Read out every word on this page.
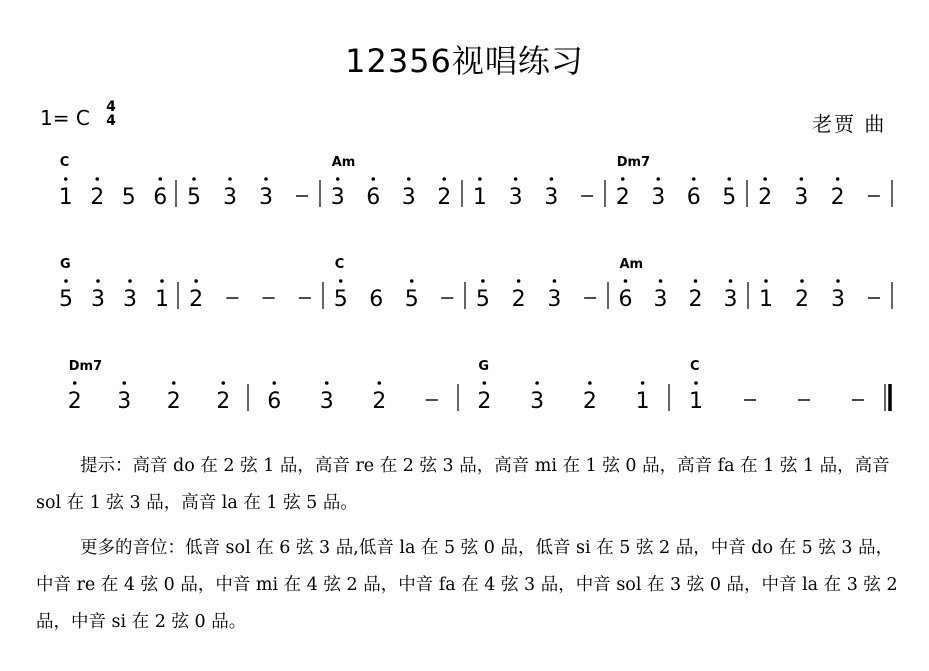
12356视唱练习
1= C 4
4	老贾 曲
C
1 2 5 6 5 3 3
Am
3 6 3 2 1 3 3
Dm7
2 3 6 5 2 3 2
G
5 3 3 1 2
C
5 6 5	5 2 3
Am
6 3 2 3 1 2 3
Dm7
2 3 2 2 6 3 2
G
2 3 2 1
C
1

提示：高音 do 在 2 弦 1 品，高音 re 在 2 弦 3 品，高音 mi 在 1 弦 0 品，高音 fa 在 1 弦 1 品，高音 sol 在 1 弦 3 品，高音 la 在 1 弦 5 品。

更多的音位：低音 sol 在 6 弦 3 品,低音 la 在 5 弦 0 品，低音 si 在 5 弦 2 品，中音 do 在 5 弦 3 品，中音 re 在 4 弦 0 品，中音 mi 在 4 弦 2 品，中音 fa 在 4 弦 3 品，中音 sol 在 3 弦 0 品，中音 la 在 3 弦 2 品，中音 si 在 2 弦 0 品。
